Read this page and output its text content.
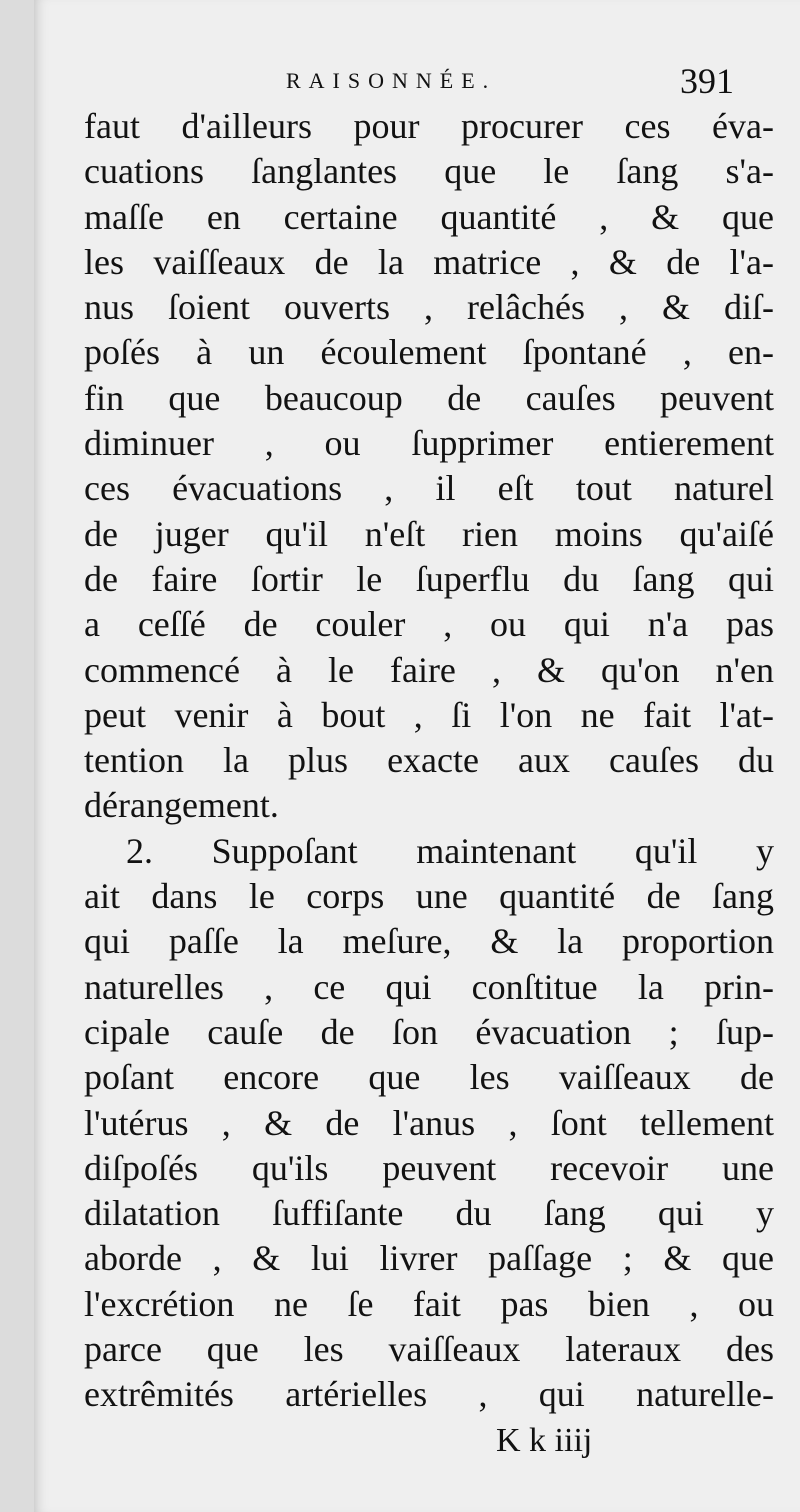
RAISONNÉE.	391
faut d'ailleurs pour procurer ces éva-
cuations ſanglantes que le ſang s'a-
maſſe en certaine quantité , & que
les vaiſſeaux de la matrice , & de l'a-
nus ſoient ouverts , relâchés , & diſ-
poſés à un écoulement ſpontané , en-
fin que beaucoup de cauſes peuvent
diminuer , ou ſupprimer entierement
ces évacuations , il eſt tout naturel
de juger qu'il n'eſt rien moins qu'aiſé
de faire ſortir le ſuperflu du ſang qui
a ceſſé de couler , ou qui n'a pas
commencé à le faire , & qu'on n'en
peut venir à bout , ſi l'on ne fait l'at-
tention la plus exacte aux cauſes du
dérangement.
2. Suppoſant maintenant qu'il y
ait dans le corps une quantité de ſang
qui paſſe la meſure, & la proportion
naturelles , ce qui conſtitue la prin-
cipale cauſe de ſon évacuation ; ſup-
poſant encore que les vaiſſeaux de
l'utérus , & de l'anus , ſont tellement
diſpoſés qu'ils peuvent recevoir une
dilatation ſuffiſante du ſang qui y
aborde , & lui livrer paſſage ; & que
l'excrétion ne ſe fait pas bien , ou
parce que les vaiſſeaux lateraux des
extrêmités artérielles , qui naturelle-
K k iiij
